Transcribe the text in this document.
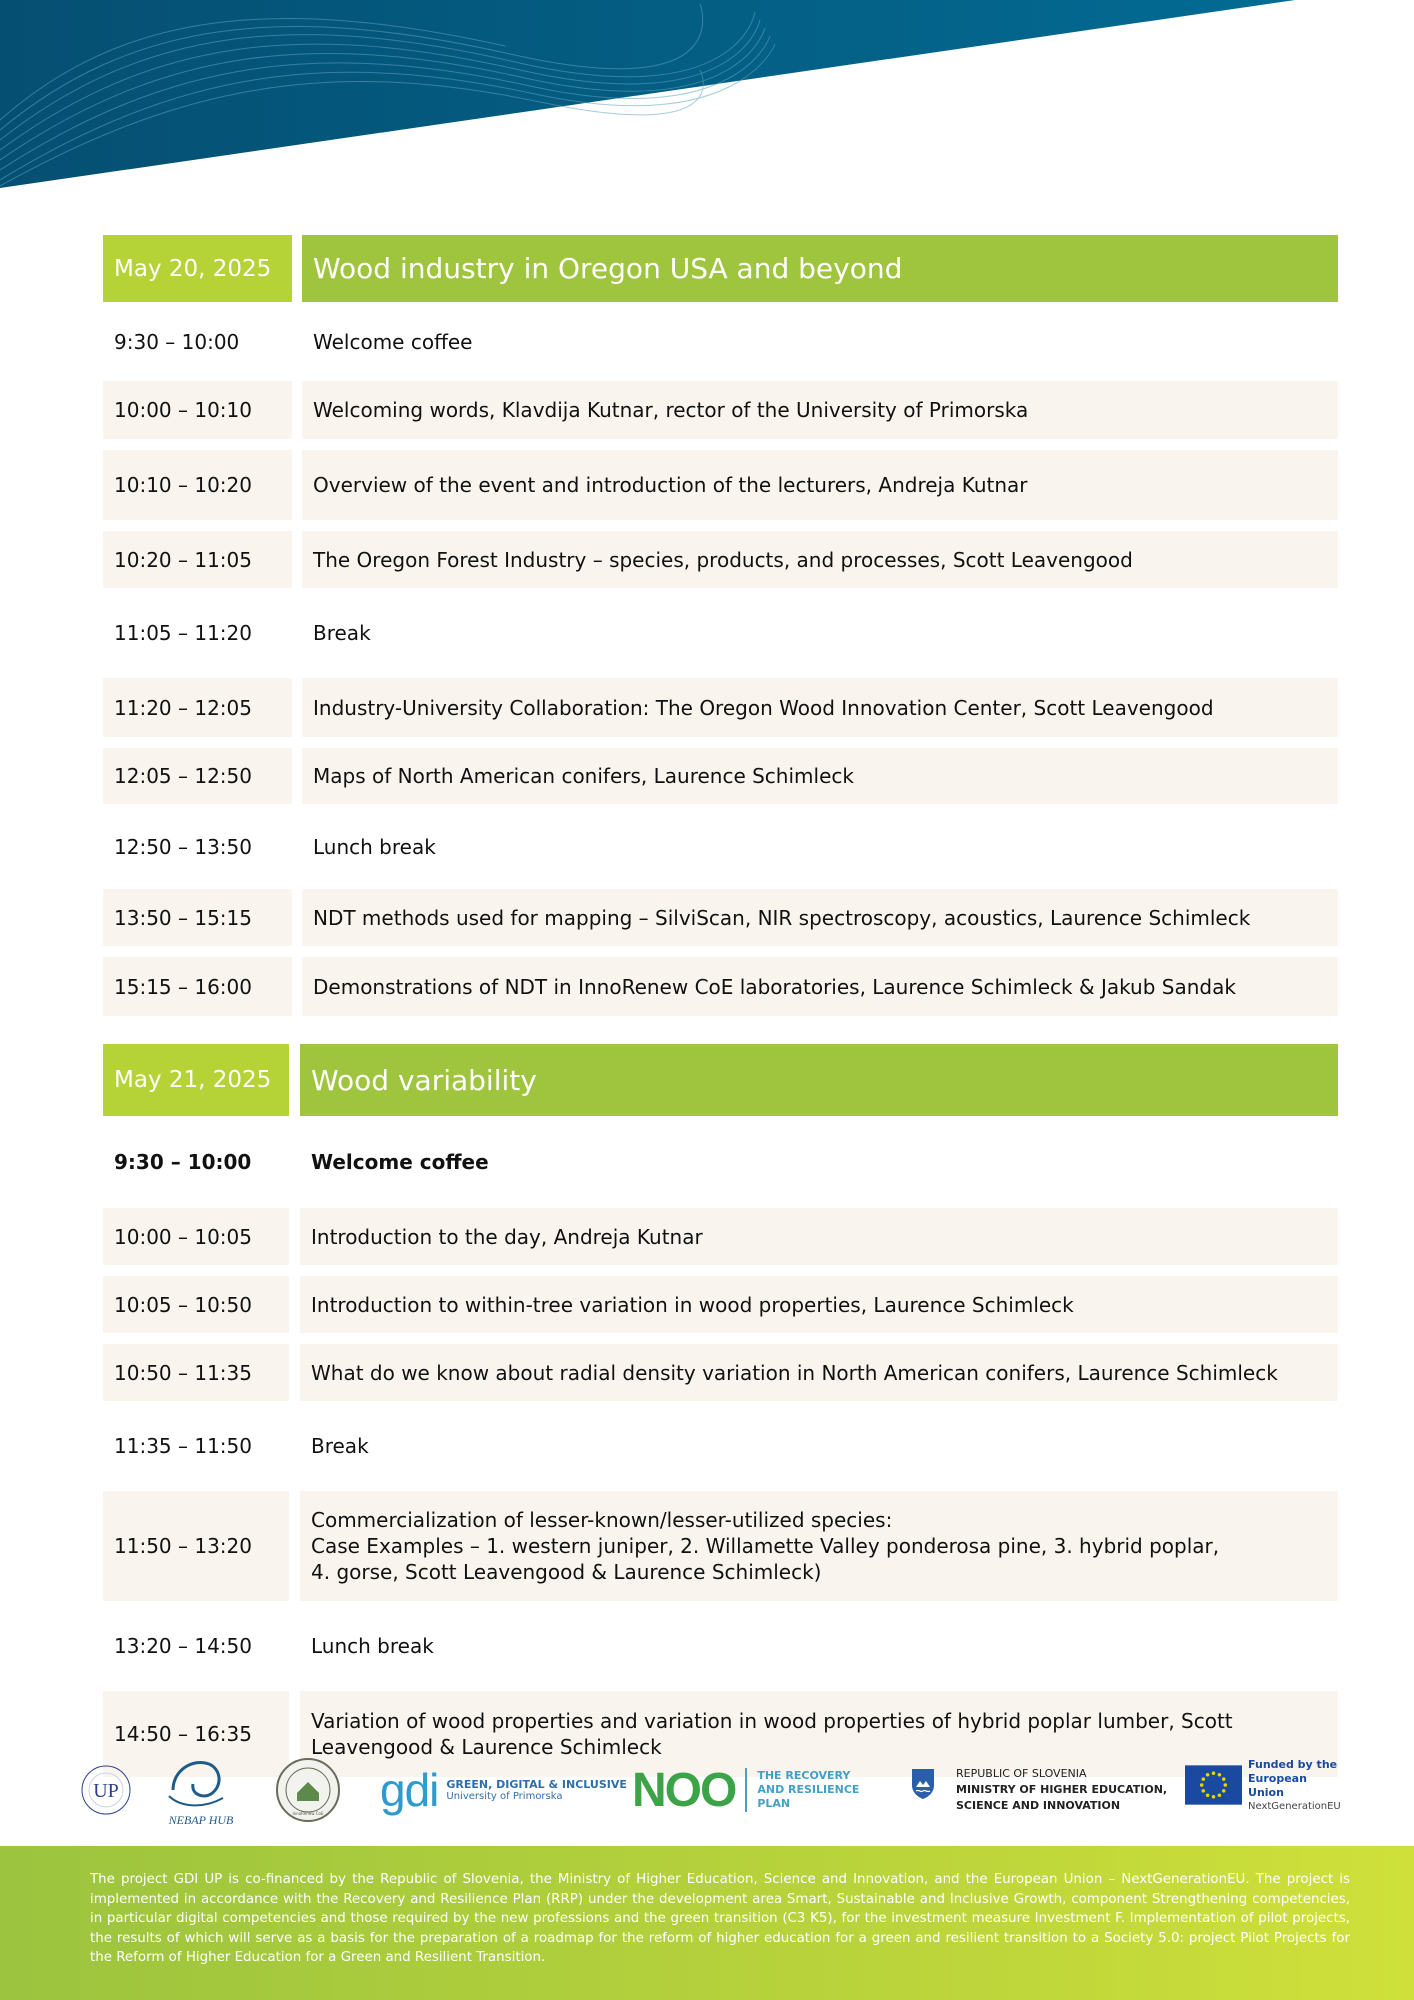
May 20, 2025	Wood industry in Oregon USA and beyond
9:30 – 10:00	Welcome coffee
10:00 – 10:10	Welcoming words, Klavdija Kutnar, rector of the University of Primorska
10:10 – 10:20	Overview of the event and introduction of the lecturers, Andreja Kutnar
10:20 – 11:05	The Oregon Forest Industry – species, products, and processes, Scott Leavengood
11:05 – 11:20	Break
11:20 – 12:05	Industry-University Collaboration: The Oregon Wood Innovation Center, Scott Leavengood
12:05 – 12:50	Maps of North American conifers, Laurence Schimleck
12:50 – 13:50	Lunch break
13:50 – 15:15	NDT methods used for mapping – SilviScan, NIR spectroscopy, acoustics, Laurence Schimleck
15:15 – 16:00	Demonstrations of NDT in InnoRenew CoE laboratories, Laurence Schimleck & Jakub Sandak
May 21, 2025	Wood variability
9:30 – 10:00	Welcome coffee
10:00 – 10:05	Introduction to the day, Andreja Kutnar
10:05 – 10:50	Introduction to within-tree variation in wood properties, Laurence Schimleck
10:50 – 11:35	What do we know about radial density variation in North American conifers, Laurence Schimleck
11:35 – 11:50	Break
11:50 – 13:20
Commercialization of lesser-known/lesser-utilized species:
Case Examples – 1. western juniper, 2. Willamette Valley ponderosa pine, 3. hybrid poplar,
4. gorse, Scott Leavengood & Laurence Schimleck)
13:20 – 14:50	Lunch break
14:50 – 16:35
Variation of wood properties and variation in wood properties of hybrid poplar lumber, Scott
Leavengood & Laurence Schimleck
UP
NEBAP HUB	InnoRenew CoE gdi GREEN, DIGITAL & INCLUSIVE
University of Primorska	NOO THE RECOVERY
AND RESILIENCE
PLAN
REPUBLIC OF SLOVENIA
MINISTRY OF HIGHER EDUCATION,
SCIENCE AND INNOVATION
Funded by the
European Union
NextGenerationEU
The project GDI UP is co-financed by the Republic of Slovenia, the Ministry of Higher Education, Science and Innovation, and the European Union – NextGenerationEU. The project is implemented in accordance with the Recovery and Resilience Plan (RRP) under the development area Smart, Sustainable and Inclusive Growth, component Strengthening competencies, in particular digital competencies and those required by the new professions and the green transition (C3 K5), for the investment measure Investment F. Implementation of pilot projects, the results of which will serve as a basis for the preparation of a roadmap for the reform of higher education for a green and resilient transition to a Society 5.0: project Pilot Projects for the Reform of Higher Education for a Green and Resilient Transition.
